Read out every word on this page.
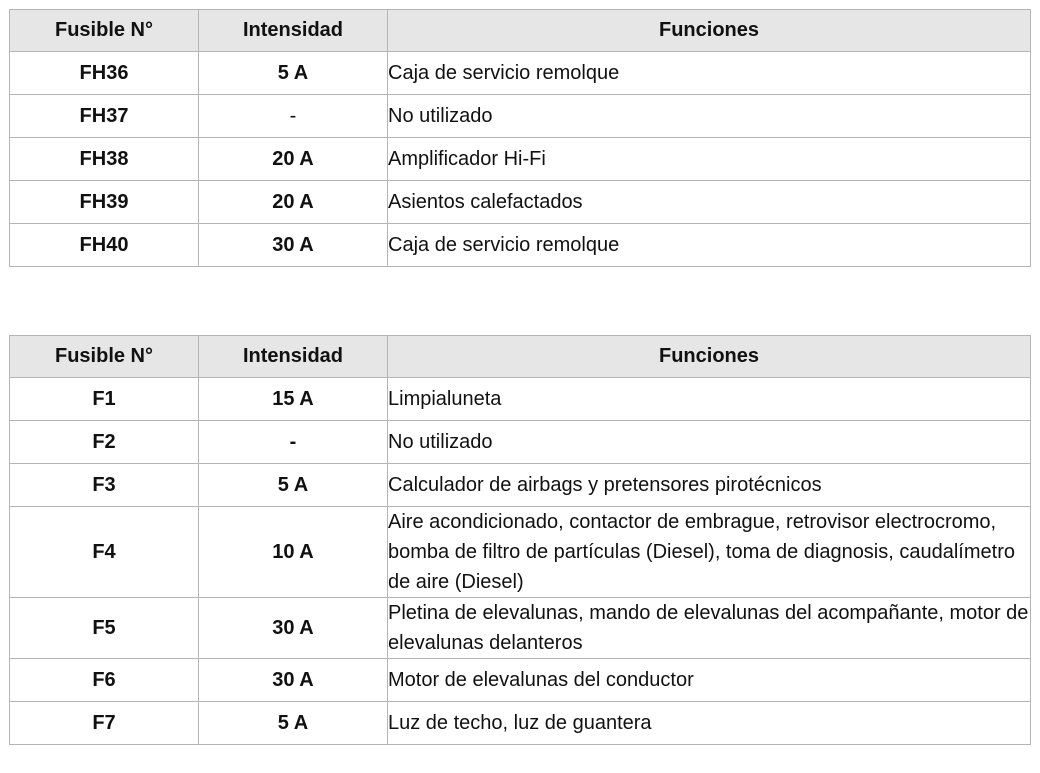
Fusible N°	Intensidad	Funciones
FH36	5 A	Caja de servicio remolque
FH37	-	No utilizado
FH38	20 A	Amplificador Hi-Fi
FH39	20 A	Asientos calefactados
FH40	30 A	Caja de servicio remolque
Fusible N°	Intensidad	Funciones
F1	15 A	Limpialuneta
F2	-	No utilizado
F3	5 A	Calculador de airbags y pretensores pirotécnicos
F4	10 A	Aire acondicionado, contactor de embrague, retrovisor electrocromo, bomba de filtro de partículas (Diesel), toma de diagnosis, caudalímetro de aire (Diesel)
F5	30 A	Pletina de elevalunas, mando de elevalunas del acompañante, motor de elevalunas delanteros
F6	30 A	Motor de elevalunas del conductor
F7	5 A	Luz de techo, luz de guantera
